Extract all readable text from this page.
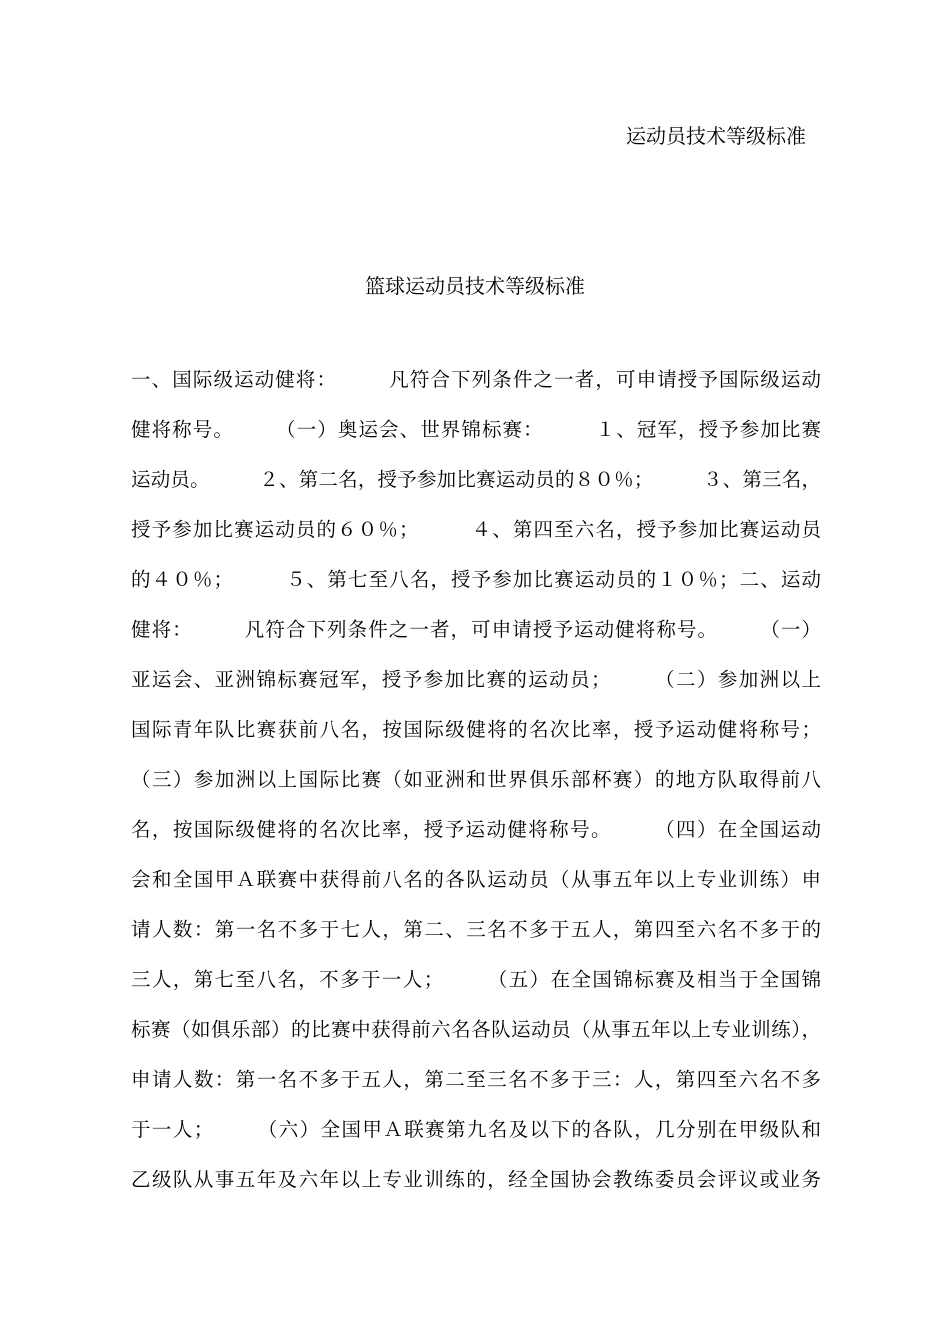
运动员技术等级标准
篮球运动员技术等级标准
一、国际级运动健将：　　　凡符合下列条件之一者，可申请授予国际级运动
健将称号。　　　（一）奥运会、世界锦标赛：　　　１、冠军，授予参加比赛
运动员。　　　２、第二名，授予参加比赛运动员的８０％；　　　３、第三名，
授予参加比赛运动员的６０％；　　　４、第四至六名，授予参加比赛运动员
的４０％；　　　５、第七至八名，授予参加比赛运动员的１０％；二、运动
健将：　　　凡符合下列条件之一者，可申请授予运动健将称号。　　　（一）
亚运会、亚洲锦标赛冠军，授予参加比赛的运动员；　　　（二）参加洲以上
国际青年队比赛获前八名，按国际级健将的名次比率，授予运动健将称号；
（三）参加洲以上国际比赛（如亚洲和世界俱乐部杯赛）的地方队取得前八
名，按国际级健将的名次比率，授予运动健将称号。　　　（四）在全国运动
会和全国甲Ａ联赛中获得前八名的各队运动员（从事五年以上专业训练）申
请人数：第一名不多于七人，第二、三名不多于五人，第四至六名不多于的
三人，第七至八名，不多于一人；　　　（五）在全国锦标赛及相当于全国锦
标赛（如俱乐部）的比赛中获得前六名各队运动员（从事五年以上专业训练），
申请人数：第一名不多于五人，第二至三名不多于三：人，第四至六名不多
于一人；　　　（六）全国甲Ａ联赛第九名及以下的各队，几分别在甲级队和
乙级队从事五年及六年以上专业训练的，经全国协会教练委员会评议或业务
